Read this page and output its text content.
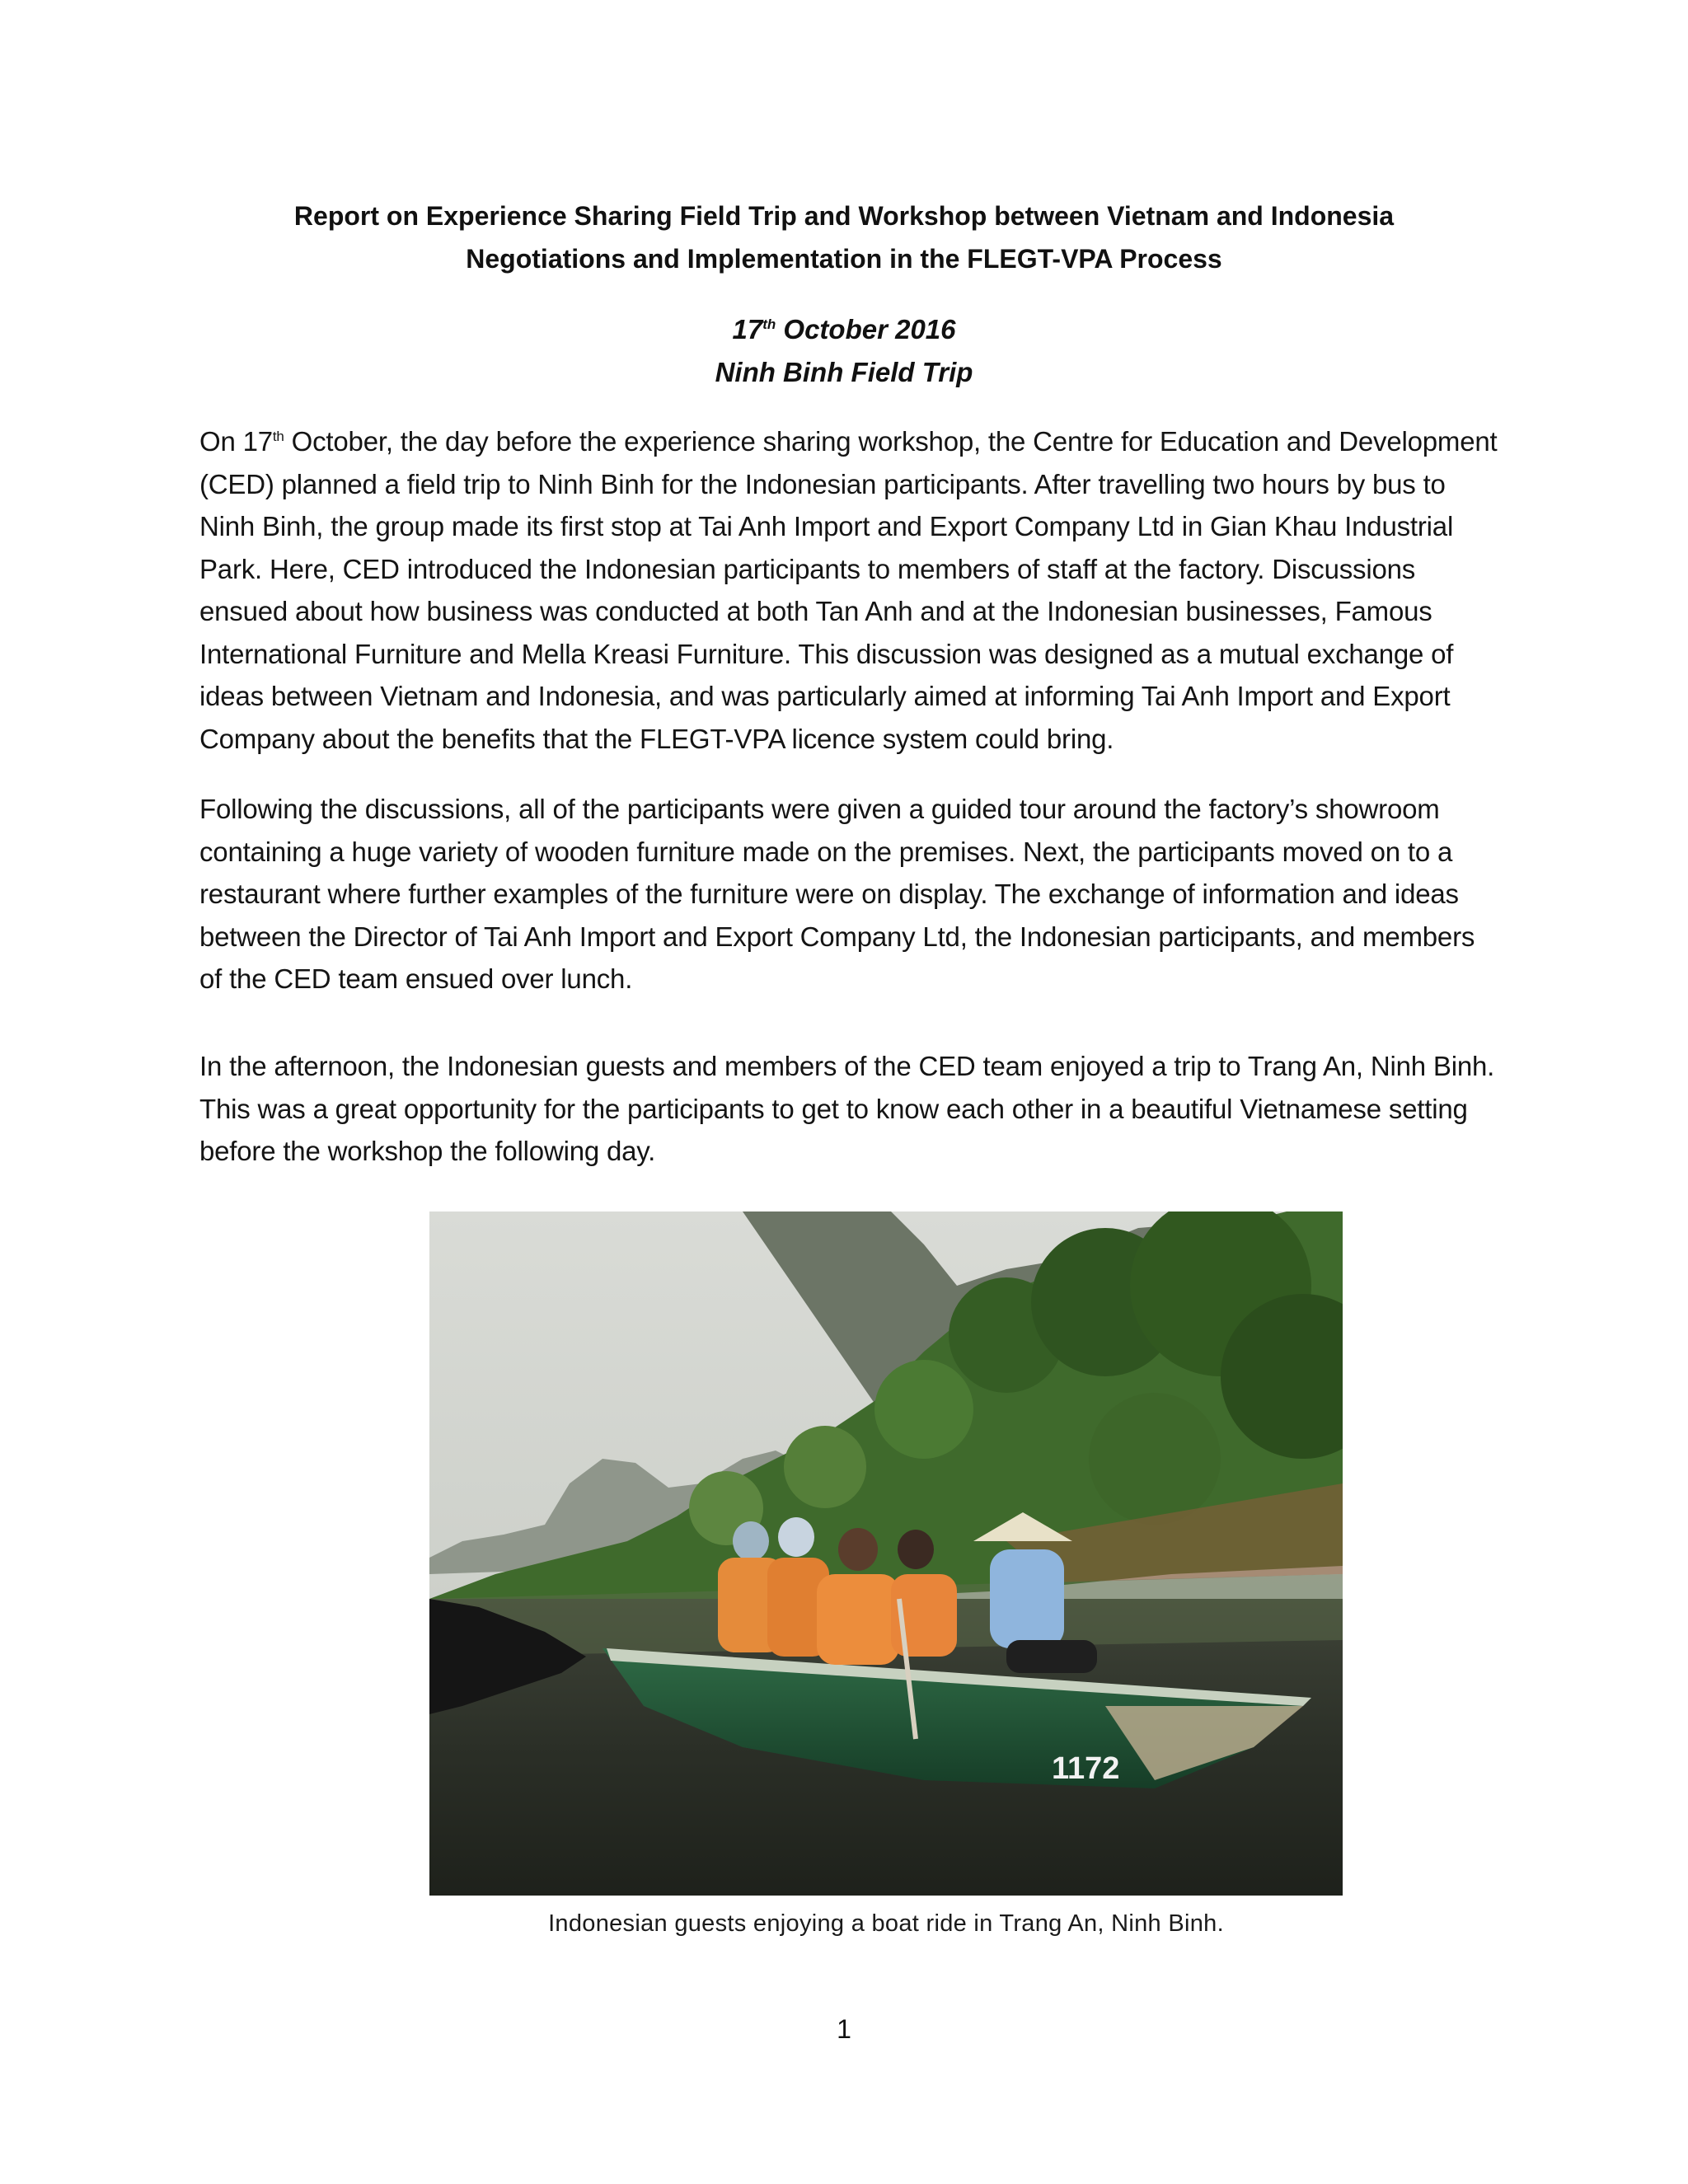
Report on Experience Sharing Field Trip and Workshop between Vietnam and Indonesia
Negotiations and Implementation in the FLEGT-VPA Process
17th October 2016
Ninh Binh Field Trip
On 17th October, the day before the experience sharing workshop, the Centre for Education and Development (CED) planned a field trip to Ninh Binh for the Indonesian participants. After travelling two hours by bus to Ninh Binh, the group made its first stop at Tai Anh Import and Export Company Ltd in Gian Khau Industrial Park. Here, CED introduced the Indonesian participants to members of staff at the factory. Discussions ensued about how business was conducted at both Tan Anh and at the Indonesian businesses, Famous International Furniture and Mella Kreasi Furniture. This discussion was designed as a mutual exchange of ideas between Vietnam and Indonesia, and was particularly aimed at informing Tai Anh Import and Export Company about the benefits that the FLEGT-VPA licence system could bring.
Following the discussions, all of the participants were given a guided tour around the factory’s showroom containing a huge variety of wooden furniture made on the premises. Next, the participants moved on to a restaurant where further examples of the furniture were on display. The exchange of information and ideas between the Director of Tai Anh Import and Export Company Ltd, the Indonesian participants, and members of the CED team ensued over lunch.
In the afternoon, the Indonesian guests and members of the CED team enjoyed a trip to Trang An, Ninh Binh. This was a great opportunity for the participants to get to know each other in a beautiful Vietnamese setting before the workshop the following day.
1172
Indonesian guests enjoying a boat ride in Trang An, Ninh Binh.
1
